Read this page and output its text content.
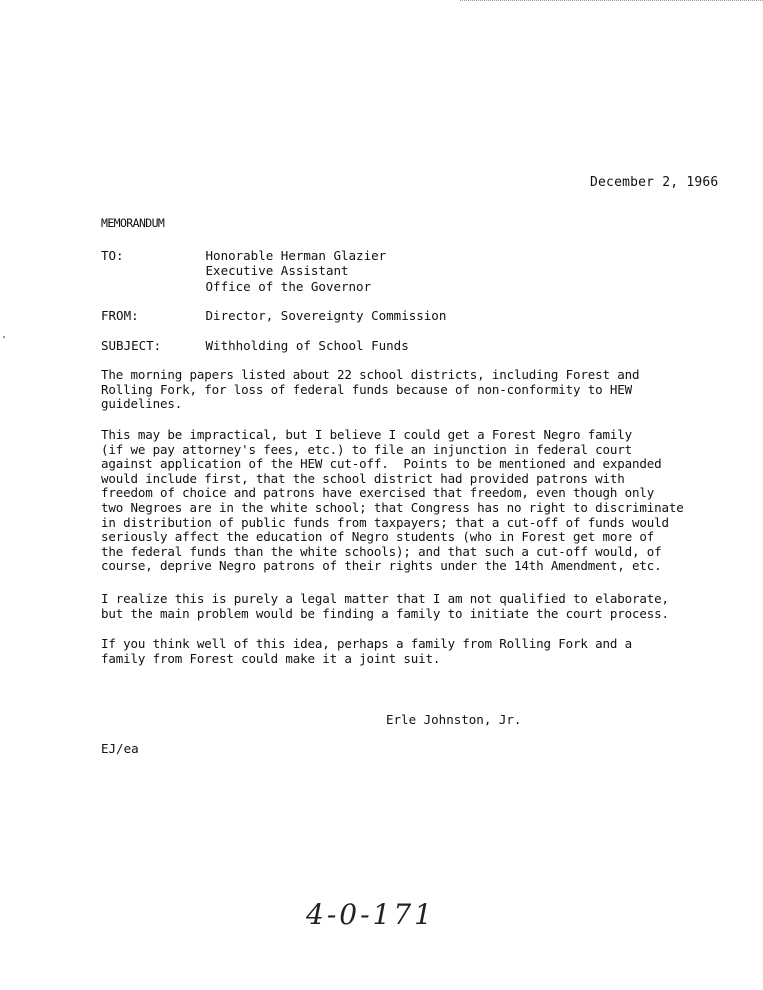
December 2, 1966
MEMORANDUM
TO:	Honorable Herman Glazier
Executive Assistant
Office of the Governor
FROM:	Director, Sovereignty Commission
SUBJECT:	Withholding of School Funds
The morning papers listed about 22 school districts, including Forest and
Rolling Fork, for loss of federal funds because of non-conformity to HEW
guidelines.
This may be impractical, but I believe I could get a Forest Negro family
(if we pay attorney's fees, etc.) to file an injunction in federal court
against application of the HEW cut-off.  Points to be mentioned and expanded
would include first, that the school district had provided patrons with
freedom of choice and patrons have exercised that freedom, even though only
two Negroes are in the white school; that Congress has no right to discriminate
in distribution of public funds from taxpayers; that a cut-off of funds would
seriously affect the education of Negro students (who in Forest get more of
the federal funds than the white schools); and that such a cut-off would, of
course, deprive Negro patrons of their rights under the 14th Amendment, etc.
I realize this is purely a legal matter that I am not qualified to elaborate,
but the main problem would be finding a family to initiate the court process.
If you think well of this idea, perhaps a family from Rolling Fork and a
family from Forest could make it a joint suit.
Erle Johnston, Jr.
EJ/ea
4-0-171
